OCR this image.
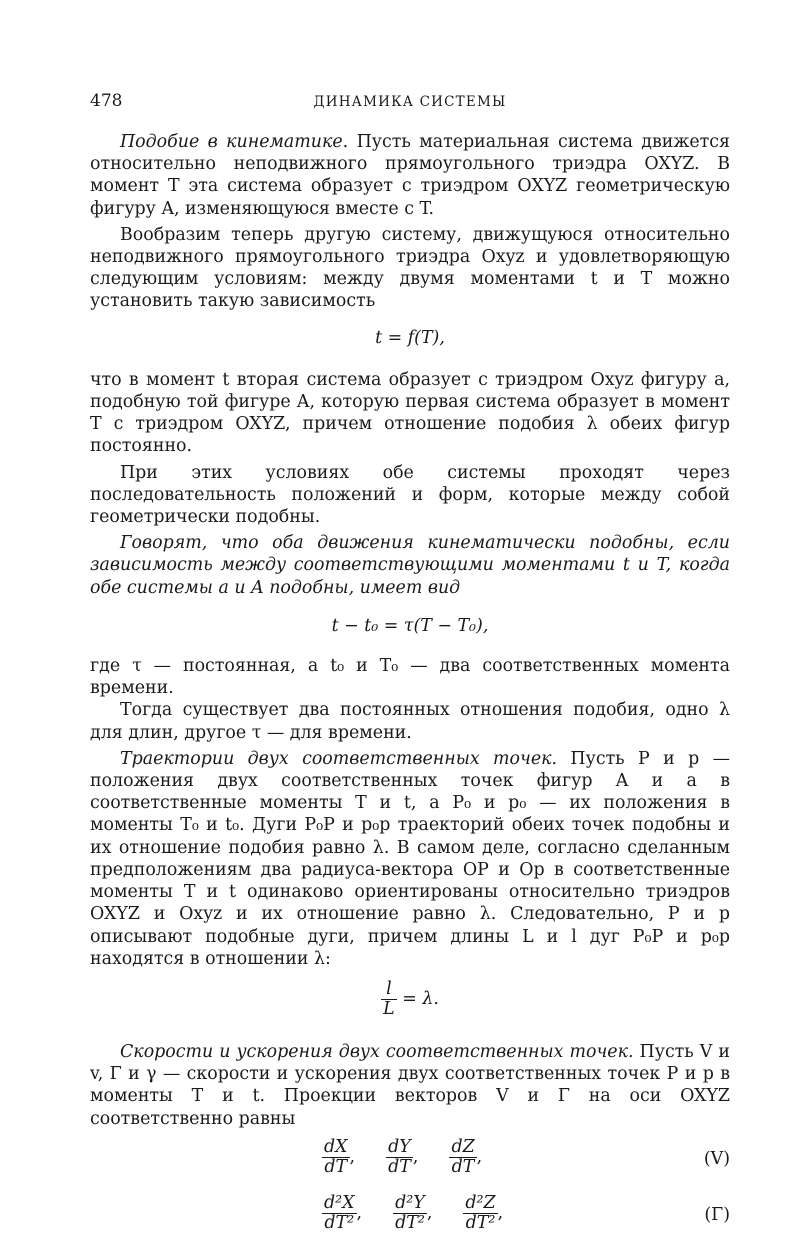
478	ДИНАМИКА СИСТЕМЫ

Подобие в кинематике. Пусть материальная система движется относительно неподвижного прямоугольного триэдра OXYZ. В момент T эта система образует с триэдром OXYZ геометрическую фигуру A, изменяющуюся вместе с T.

Вообразим теперь другую систему, движущуюся относительно неподвижного прямоугольного триэдра Oxyz и удовлетворяющую следующим условиям: между двумя моментами t и T можно установить такую зависимость

t = f(T),

что в момент t вторая система образует с триэдром Oxyz фигуру a, подобную той фигуре A, которую первая система образует в момент T с триэдром OXYZ, причем отношение подобия λ обеих фигур постоянно.

При этих условиях обе системы проходят через последовательность положений и форм, которые между собой геометрически подобны.

Говорят, что оба движения кинематически подобны, если зависимость между соответствующими моментами t и T, когда обе системы a и A подобны, имеет вид

t − t₀ = τ(T − T₀),

где τ — постоянная, а t₀ и T₀ — два соответственных момента времени.

Тогда существует два постоянных отношения подобия, одно λ для длин, другое τ — для времени.

Траектории двух соответственных точек. Пусть P и p — положения двух соответственных точек фигур A и a в соответственные моменты T и t, а P₀ и p₀ — их положения в моменты T₀ и t₀. Дуги P₀P и p₀p траекторий обеих точек подобны и их отношение подобия равно λ. В самом деле, согласно сделанным предположениям два радиуса-вектора OP и Op в соответственные моменты T и t одинаково ориентированы относительно триэдров OXYZ и Oxyz и их отношение равно λ. Следовательно, P и p описывают подобные дуги, причем длины L и l дуг P₀P и p₀p находятся в отношении λ:

$\frac{l}{L} = \lambda$.

Скорости и ускорения двух соответственных точек. Пусть V и v, Γ и γ — скорости и ускорения двух соответственных точек P и p в моменты T и t. Проекции векторов V и Γ на оси OXYZ соответственно равны

$\frac{dX}{dT}$ , $\frac{dY}{dT}$ , $\frac{dZ}{dT}$ ,	(V)
$\frac{\text{d²X}}{\text{dT²}}$ , $\frac{\text{d²Y}}{\text{dT²}}$ , $\frac{\text{d²Z}}{\text{dT²}}$ ,	(Γ)
